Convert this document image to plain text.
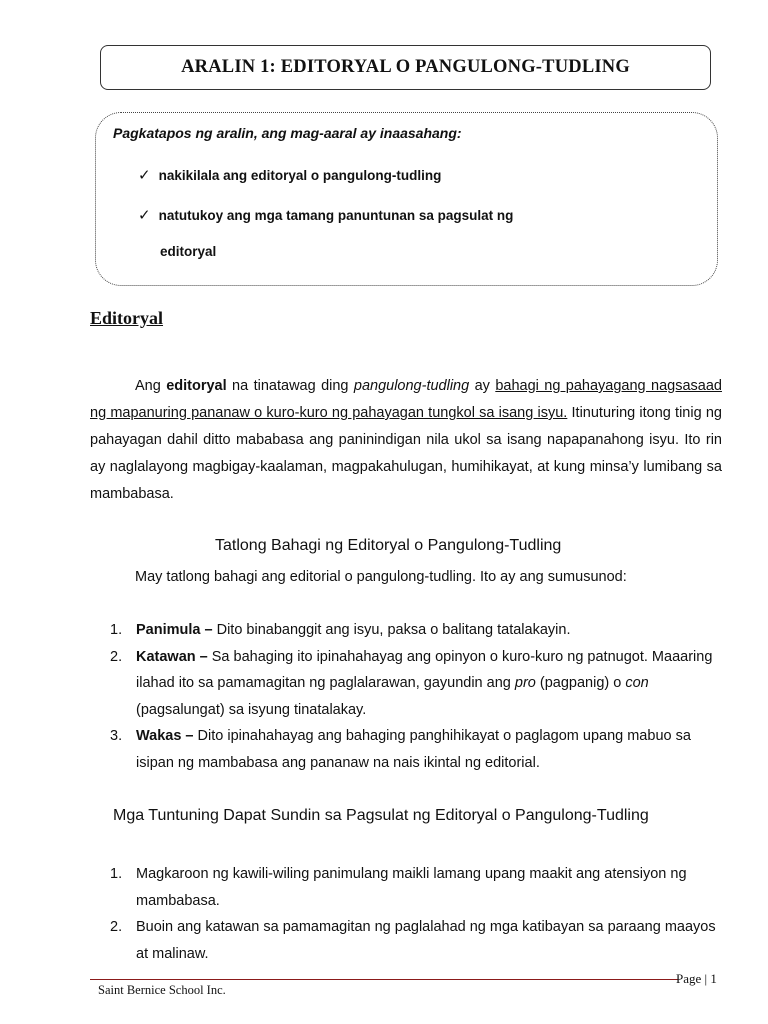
ARALIN 1: EDITORYAL O PANGULONG-TUDLING

Pagkatapos ng aralin, ang mag-aaral ay inaasahang:

✓ nakikilala ang editoryal o pangulong-tudling

✓ natutukoy ang mga tamang panuntunan sa pagsulat ng

editoryal

Editoryal

Ang editoryal na tinatawag ding pangulong-tudling ay bahagi ng pahayagang nagsasaad ng mapanuring pananaw o kuro-kuro ng pahayagan tungkol sa isang isyu. Itinuturing itong tinig ng pahayagan dahil ditto mababasa ang paninindigan nila ukol sa isang napapanahong isyu. Ito rin ay naglalayong magbigay-kaalaman, magpakahulugan, humihikayat, at kung minsa’y lumibang sa mambabasa.

Tatlong Bahagi ng Editoryal o Pangulong-Tudling

May tatlong bahagi ang editorial o pangulong-tudling. Ito ay ang sumusunod:

1. Panimula – Dito binabanggit ang isyu, paksa o balitang tatalakayin.
2. Katawan – Sa bahaging ito ipinahahayag ang opinyon o kuro-kuro ng patnugot. Maaaring ilahad ito sa pamamagitan ng paglalarawan, gayundin ang pro (pagpanig) o con (pagsalungat) sa isyung tinatalakay.
3. Wakas – Dito ipinahahayag ang bahaging panghihikayat o paglagom upang mabuo sa isipan ng mambabasa ang pananaw na nais ikintal ng editorial.
Mga Tuntuning Dapat Sundin sa Pagsulat ng Editoryal o Pangulong-Tudling
1. Magkaroon ng kawili-wiling panimulang maikli lamang upang maakit ang atensiyon ng mambabasa.
2. Buoin ang katawan sa pamamagitan ng paglalahad ng mga katibayan sa paraang maayos at malinaw.

Page | 1

Saint Bernice School Inc.
